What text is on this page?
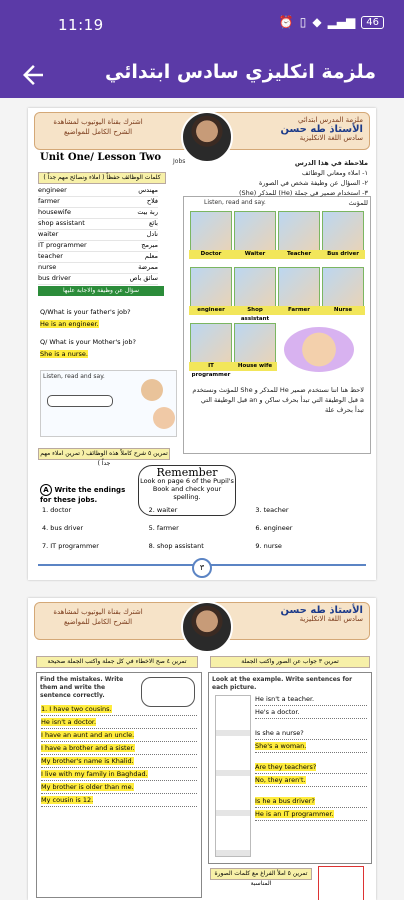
11:19	⏰ ▯ ◆ ▂▄▆	46
ملزمة انكليزي سادس ابتدائي
اشترك بقناة اليوتيوب لمشاهدة الشرح الكامل للمواضيع
ملزمة المدرس ابتدائي
الأستاذ طه حسن
سادس اللغة الانكليزية
Unit One/ Lesson Two Jobs
كلمات الوظائف حفظاً ( املاء ونصائح مهم جداً )
engineer	مهندس
farmer	فلاح
housewife	ربة بيت
shop assistant	بائع
waiter	نادل
IT programmer	مبرمج
teacher	معلم
nurse	ممرضة
bus driver	سائق باص
سؤال عن وظيفة والاجابة عليها
Q/What is your father's job?
He is an engineer.
Q/ What is your Mother's job?
She is a nurse.
Listen, read and say.
تمرين ٥ شرح كاملاً هذه الوظائف ( تمرين املاء مهم جداً )
Listen, read and say.
Doctor	Waiter	Teacher	Bus driver
engineer	Shop assistant
Farmer	Nurse
IT programmer
House wife
لاحظ هنا اننا نستخدم ضمير He للمذكر و She للمؤنث ونستخدم a قبل الوظيفة التي تبدأ بحرف ساكن و an قبل الوظيفة التي تبدأ بحرف علة
ملاحظة في هذا الدرس
١- املاء ومعاني الوظائف
٢- السؤال عن وظيفة شخص في الصورة
٣- استخدام ضمير في جملة (He) للمذكر (She) للمؤنث
Remember
Look on page 6 of the Pupil's Book and check your spelling.
A Write the endings for these jobs.
1. doctor	2. waiter	3. teacher
4. bus driver	5. farmer	6. engineer
7. IT programmer	8. shop assistant	9. nurse
٣
اشترك بقناة اليوتيوب لمشاهدة الشرح الكامل للمواضيع
الأستاذ طه حسن
سادس اللغة الانكليزية
تمرين ٤ صح الاخطاء في كل جملة واكتب الجملة صحيحة	تمرين ٣ جواب عن الصور واكتب الجملة
Find the mistakes. Write them and write the sentence correctly.
1. I have two cousins.
He isn't a doctor.
I have an aunt and an uncle.
I have a brother and a sister.
My brother's name is Khalid.
I live with my family in Baghdad.
My brother is older than me.
My cousin is 12.
Look at the example. Write sentences for each picture.
He isn't a teacher.
He's a doctor.
Is she a nurse?
She's a woman.
Are they teachers?
No, they aren't.
Is he a bus driver?
He is an IT programmer.
تمرين ٥ املأ الفراغ مع كلمات الصورة المناسبة
